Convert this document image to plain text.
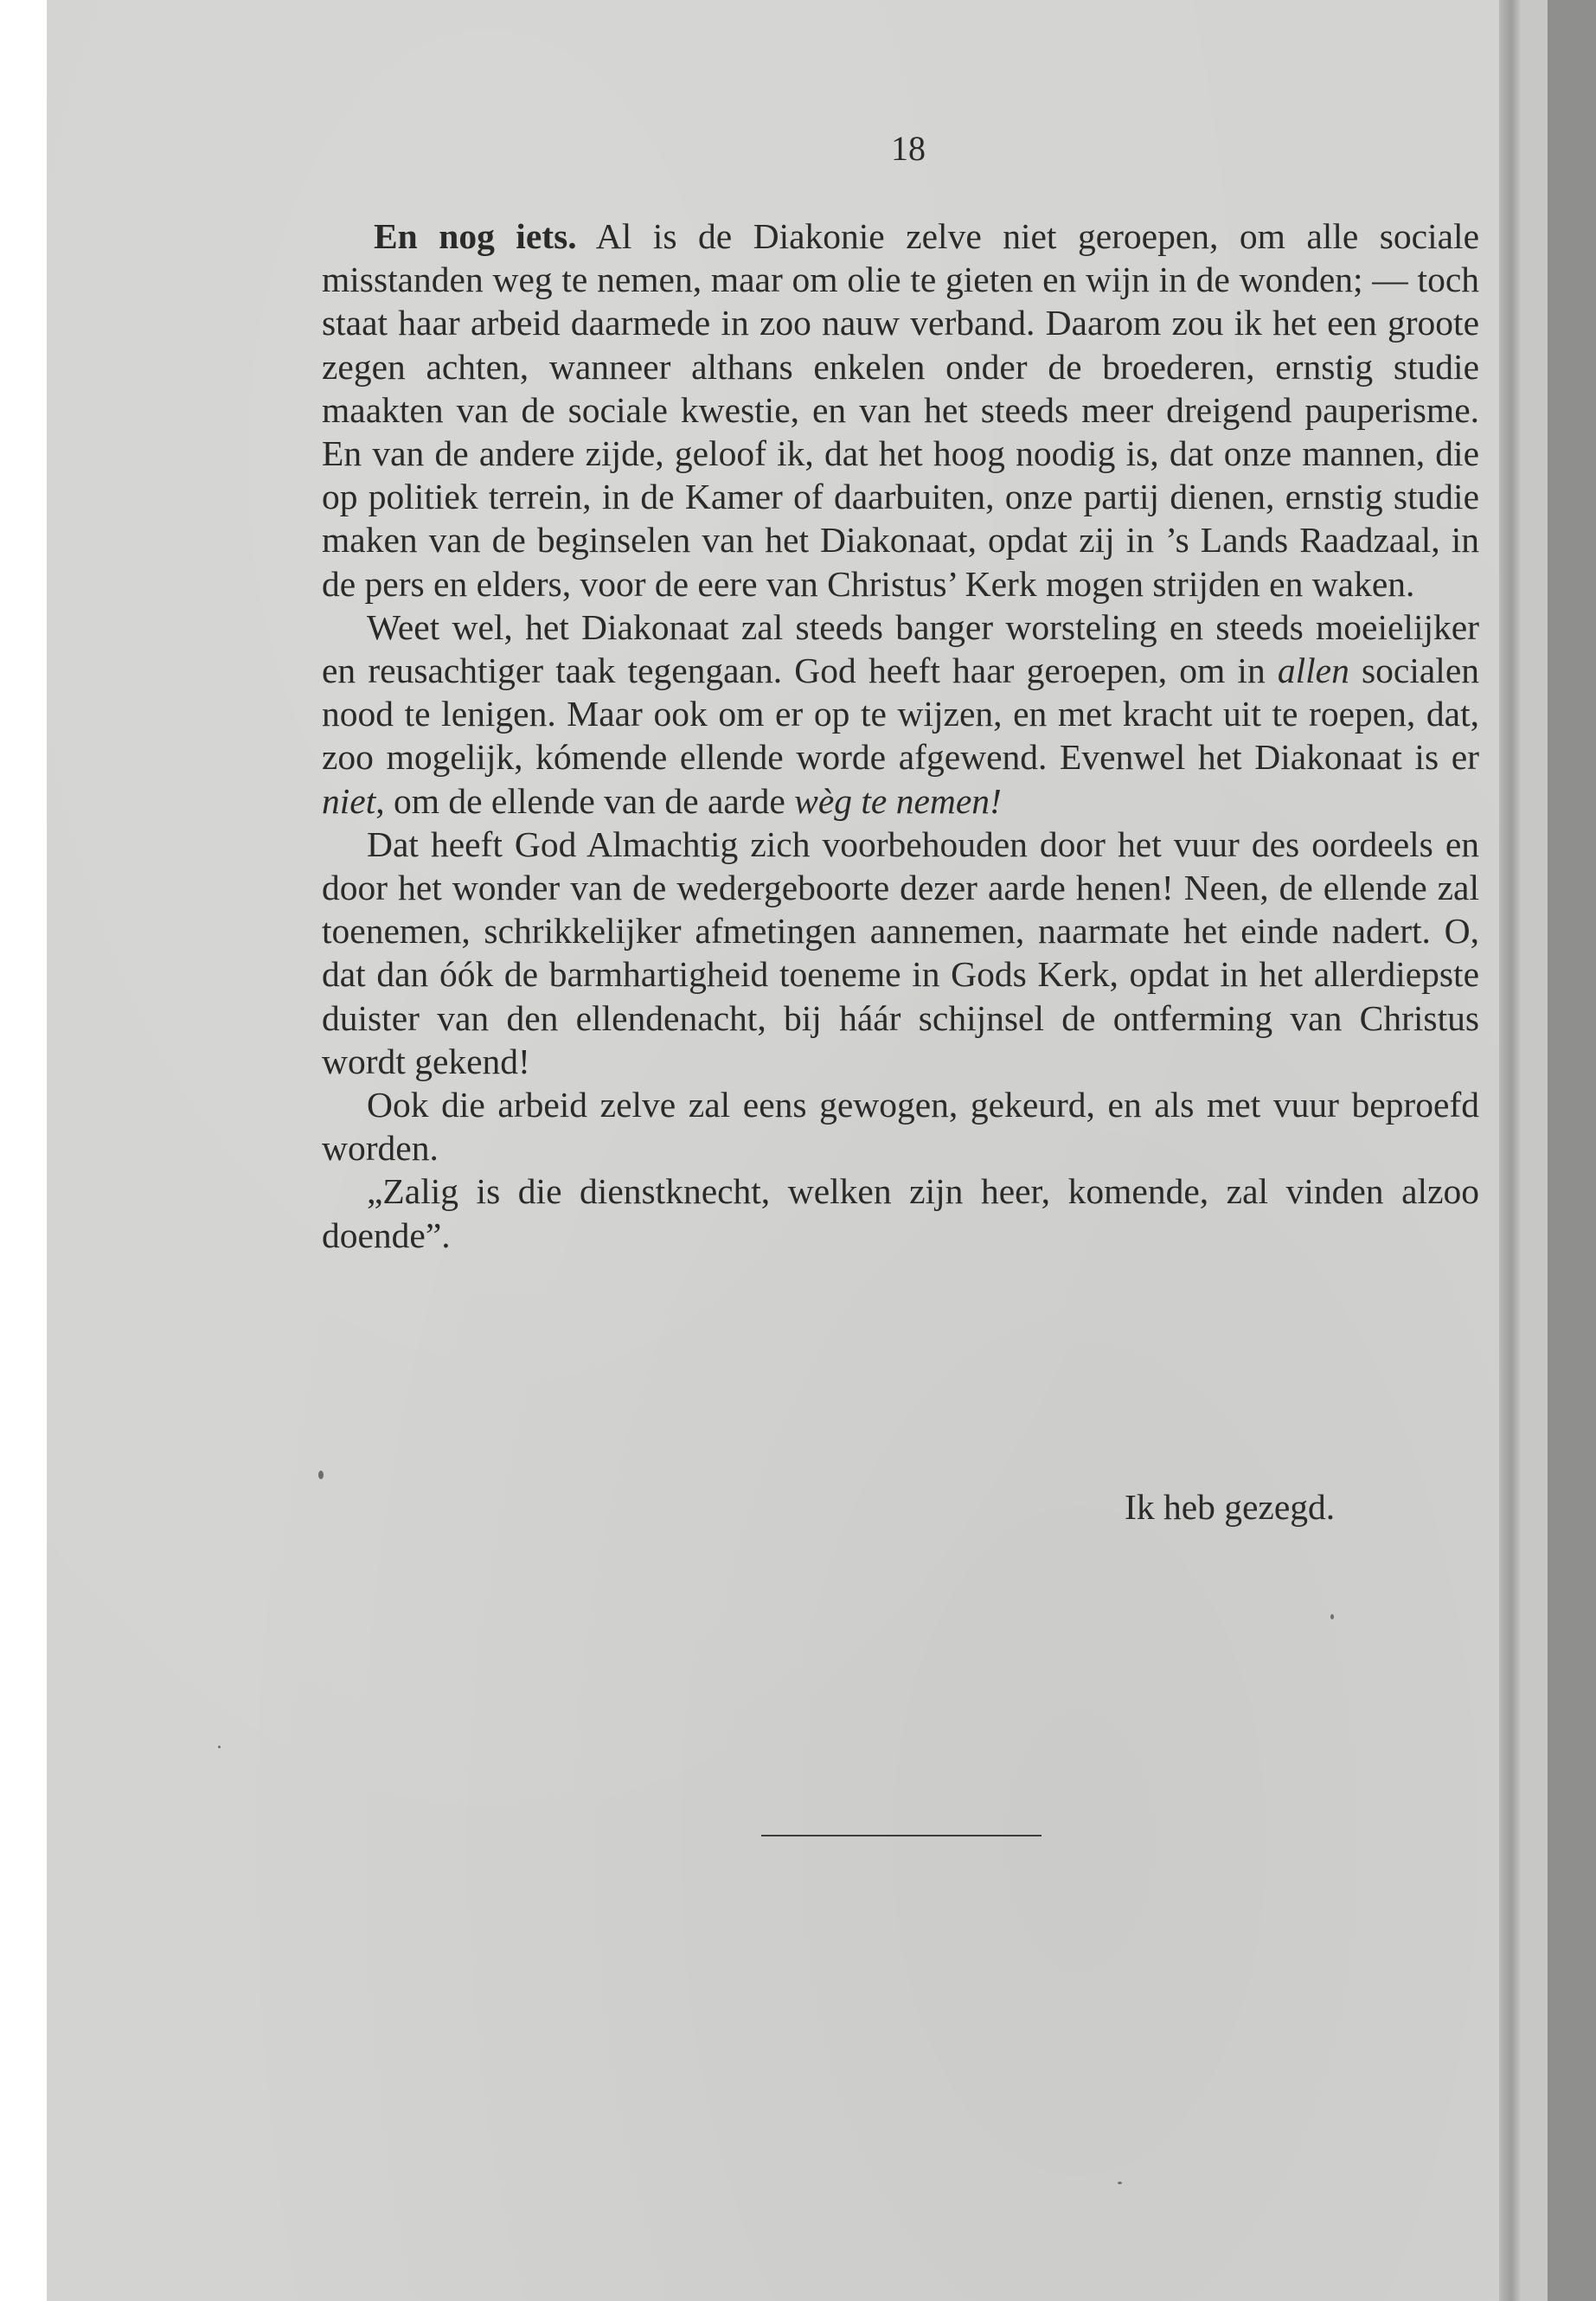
18

En nog iets. Al is de Diakonie zelve niet geroepen, om alle sociale misstanden weg te nemen, maar om olie te gieten en wijn in de wonden; — toch staat haar arbeid daarmede in zoo nauw verband. Daarom zou ik het een groote zegen achten, wanneer althans enkelen onder de broederen, ernstig studie maakten van de sociale kwestie, en van het steeds meer dreigend pauperisme. En van de andere zijde, geloof ik, dat het hoog noodig is, dat onze mannen, die op politiek terrein, in de Kamer of daarbuiten, onze partij dienen, ernstig studie maken van de beginselen van het Diakonaat, opdat zij in ’s Lands Raadzaal, in de pers en elders, voor de eere van Christus’ Kerk mogen strijden en waken.

Weet wel, het Diakonaat zal steeds banger worsteling en steeds moeielijker en reusachtiger taak tegengaan. God heeft haar geroepen, om in allen socialen nood te lenigen. Maar ook om er op te wijzen, en met kracht uit te roepen, dat, zoo mogelijk, kómende ellende worde afgewend. Evenwel het Diakonaat is er niet, om de ellende van de aarde wèg te nemen!

Dat heeft God Almachtig zich voorbehouden door het vuur des oordeels en door het wonder van de wedergeboorte dezer aarde henen! Neen, de ellende zal toenemen, schrikkelijker afmetingen aannemen, naarmate het einde nadert. O, dat dan óók de barmhartigheid toeneme in Gods Kerk, opdat in het allerdiepste duister van den ellendenacht, bij háár schijnsel de ontferming van Christus wordt gekend!

Ook die arbeid zelve zal eens gewogen, gekeurd, en als met vuur beproefd worden.

„Zalig is die dienstknecht, welken zijn heer, komende, zal vinden alzoo doende”.

Ik heb gezegd.
